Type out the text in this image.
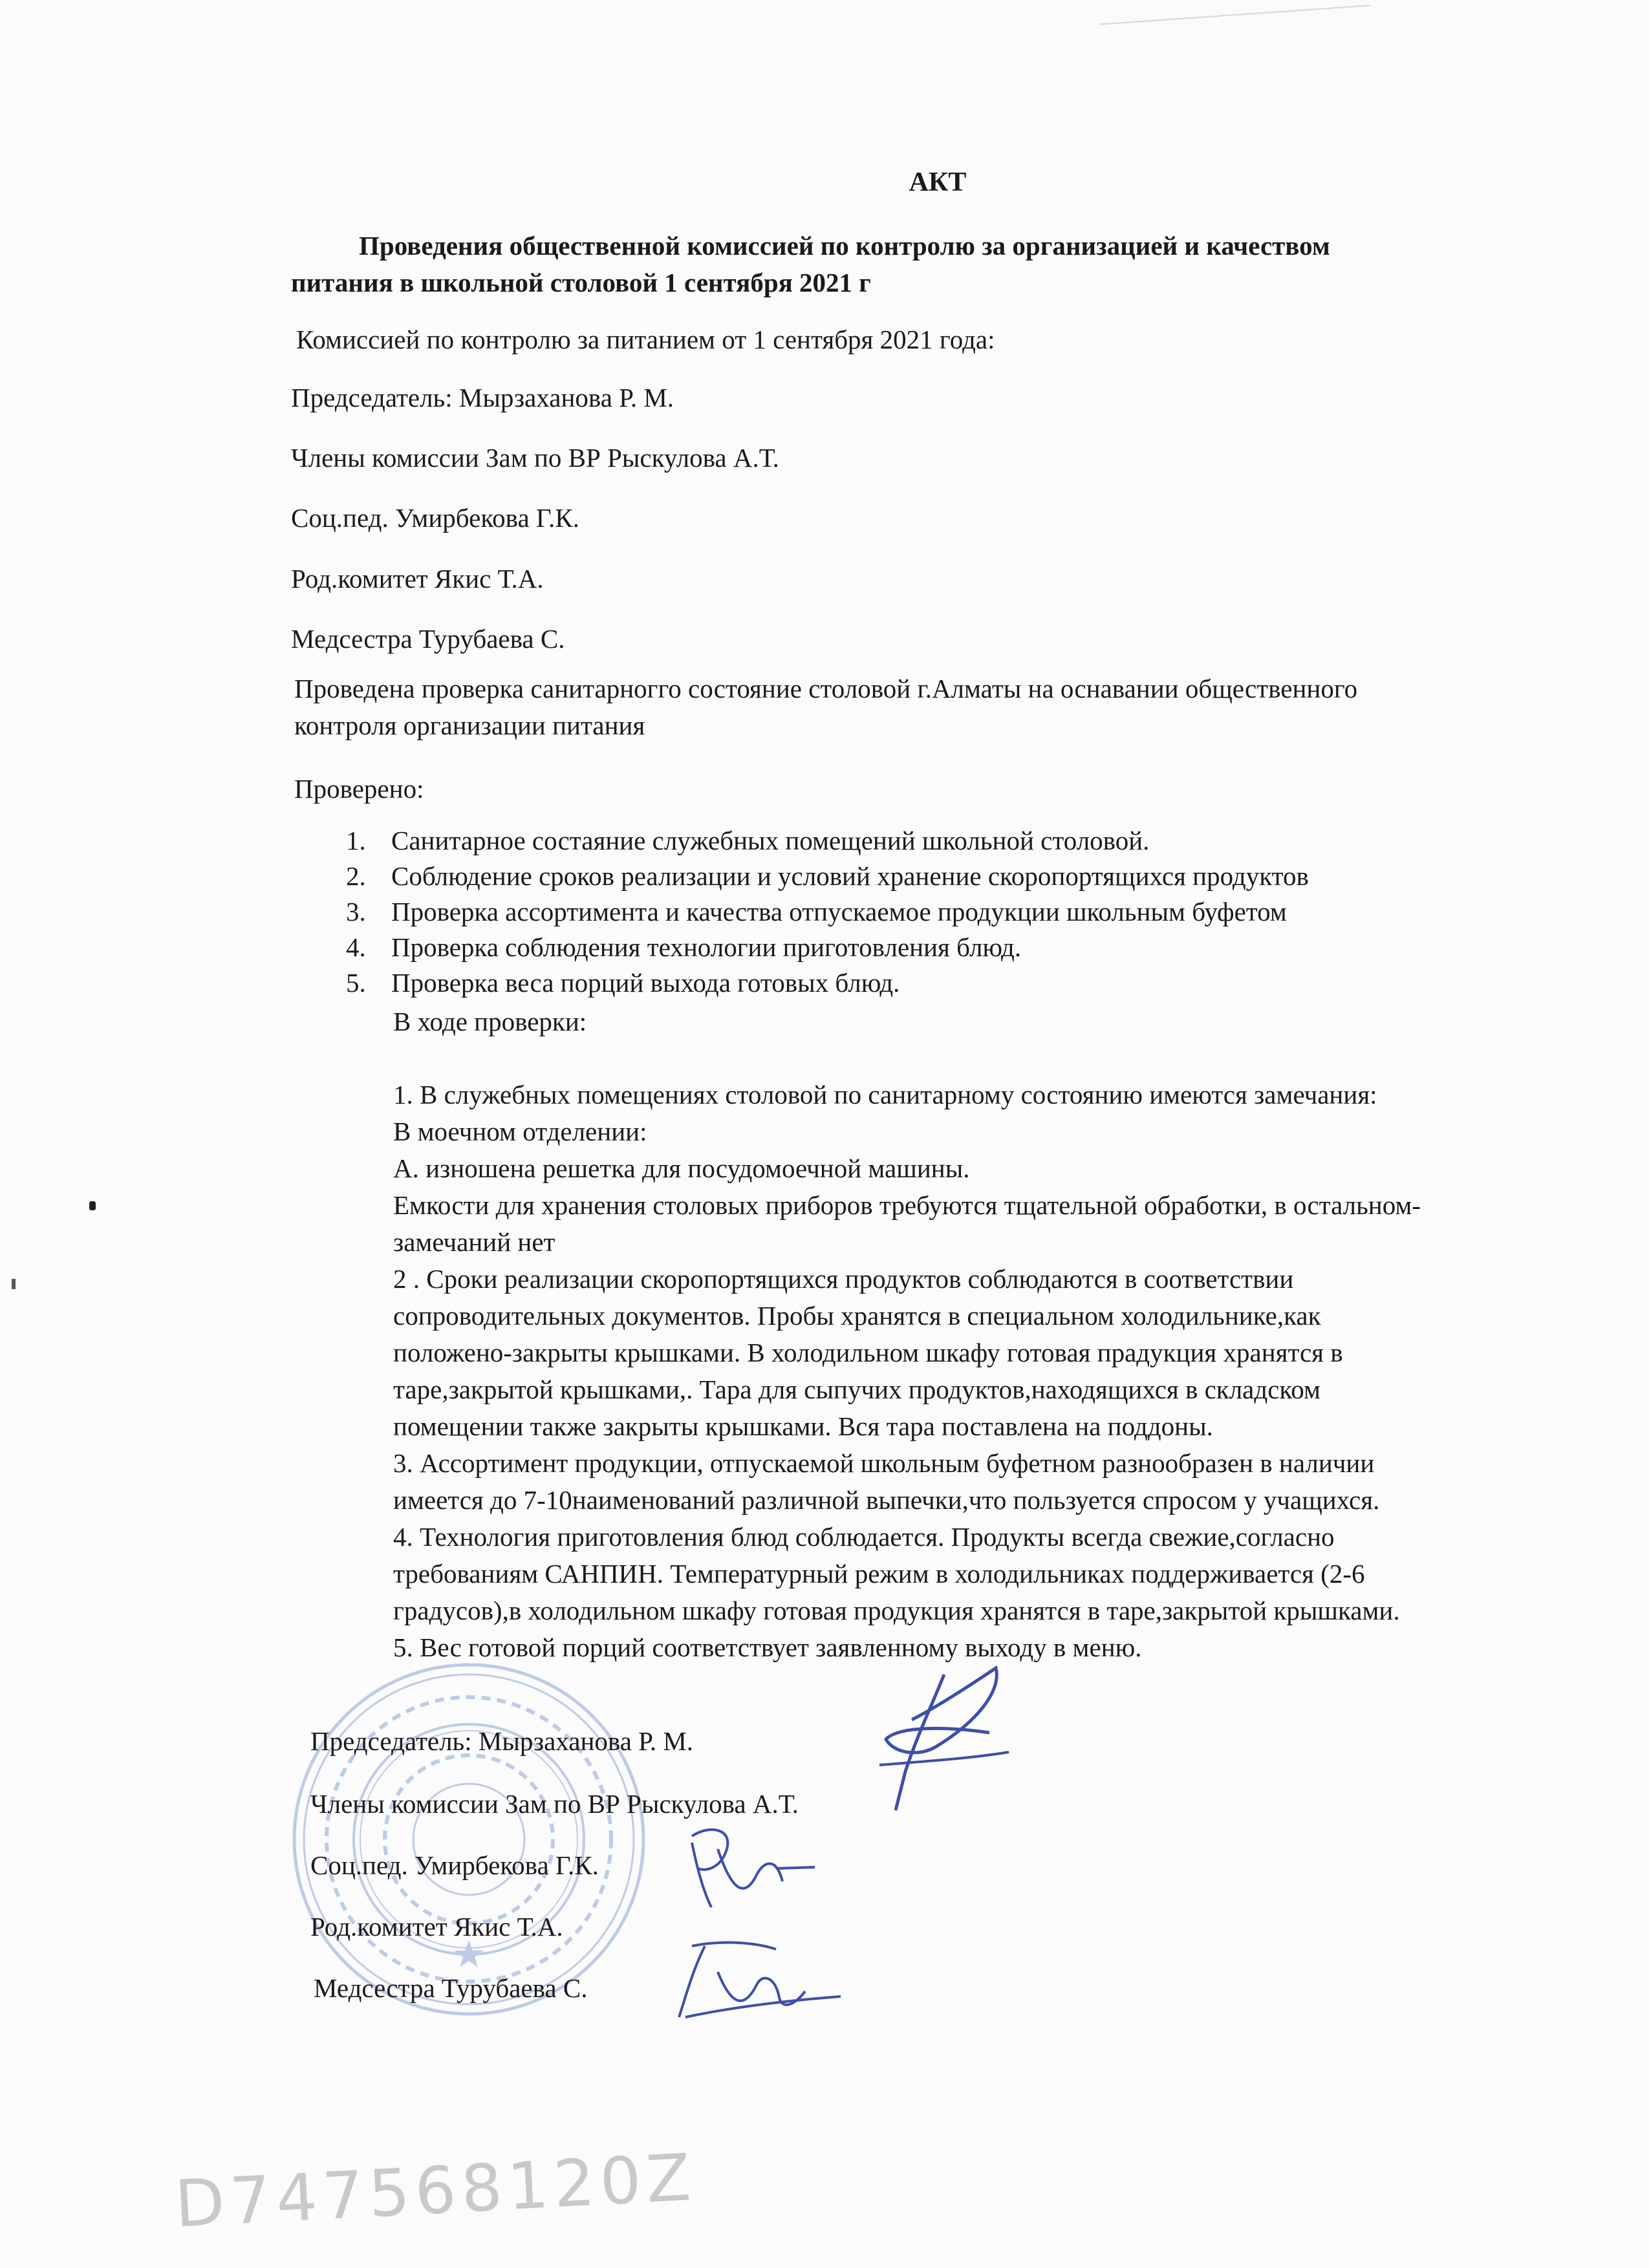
АКТ
Проведения общественной комиссией по контролю за организацией и качеством
питания в школьной столовой 1 сентября 2021 г
Комиссией по контролю за питанием от 1 сентября 2021 года:
Председатель: Мырзаханова Р. М.
Члены комиссии Зам по ВР Рыскулова А.Т.
Соц.пед. Умирбекова Г.К.
Род.комитет Якис Т.А.
Медсестра Турубаева С.
Проведена проверка санитарногго состояние столовой г.Алматы на оснавании общественного
контроля организации питания
Проверено:
1. Санитарное состаяние служебных помещений школьной столовой.
2. Соблюдение сроков реализации и условий хранение скоропортящихся продуктов
3. Проверка ассортимента и качества отпускаемое продукции школьным буфетом
4. Проверка соблюдения технологии приготовления блюд.
5. Проверка веса порций выхода готовых блюд.
В ходе проверки:
1. В служебных помещениях столовой по санитарному состоянию имеются замечания:
В моечном отделении:
А. изношена решетка для посудомоечной машины.
Емкости для хранения столовых приборов требуются тщательной обработки, в остальном-
замечаний нет
2 . Сроки реализации скоропортящихся продуктов соблюдаются в соответствии
сопроводительных документов. Пробы хранятся в специальном холодильнике,как
положено-закрыты крышками. В холодильном шкафу готовая прадукция хранятся в
таре,закрытой крышками,. Тара для сыпучих продуктов,находящихся в складском
помещении также закрыты крышками. Вся тара поставлена на поддоны.
3. Ассортимент продукции, отпускаемой школьным буфетном разнообразен в наличии
имеется до 7-10наименований различной выпечки,что пользуется спросом у учащихся.
4. Технология приготовления блюд соблюдается. Продукты всегда свежие,согласно
требованиям САНПИН. Температурный режим в холодильниках поддерживается (2-6
градусов),в холодильном шкафу готовая продукция хранятся в таре,закрытой крышками.
5. Вес готовой порций соответствует заявленному выходу в меню.
Председатель: Мырзаханова Р. М.
Члены комиссии Зам по ВР Рыскулова А.Т.
Соц.пед. Умирбекова Г.К.
Род.комитет Якис Т.А.
Медсестра Турубаева С.
D747568120Z
